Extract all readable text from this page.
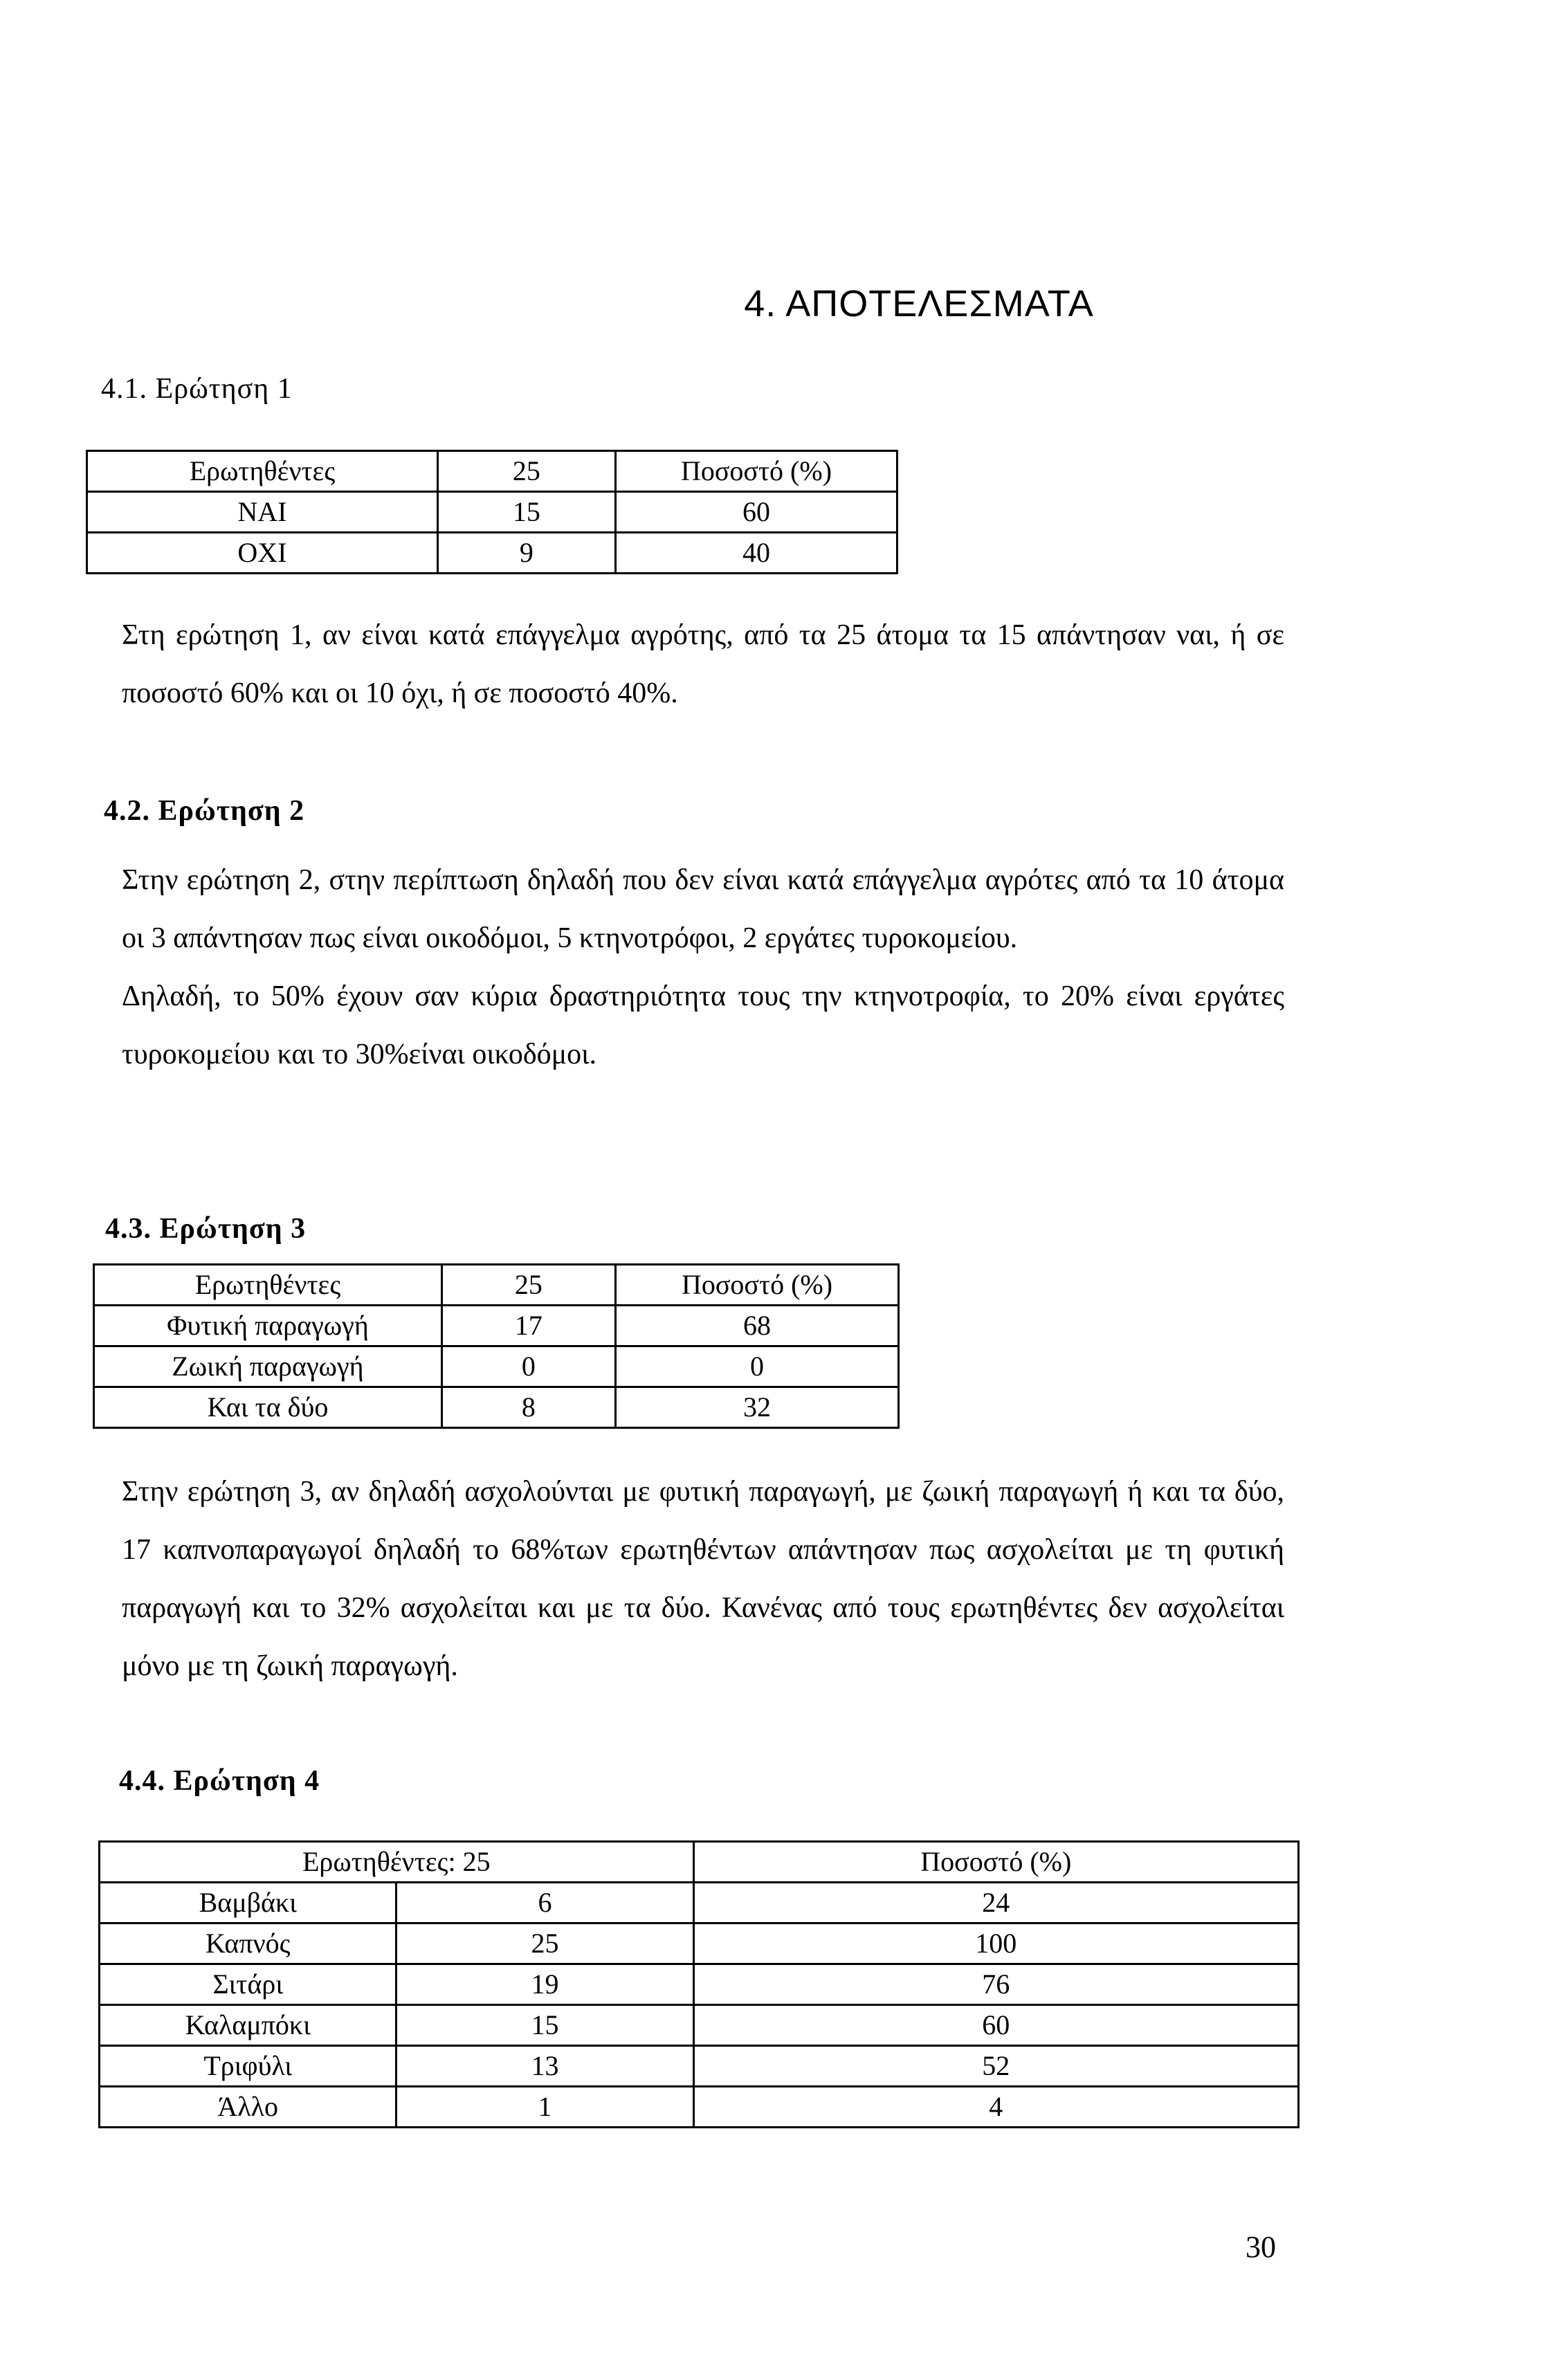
4. ΑΠΟΤΕΛΕΣΜΑΤΑ
4.1. Ερώτηση 1
Ερωτηθέντες	25	Ποσοστό (%)
ΝΑΙ	15	60
ΟΧΙ	9	40

Στη ερώτηση 1, αν είναι κατά επάγγελμα αγρότης, από τα 25 άτομα τα 15 απάντησαν ναι, ή σε ποσοστό 60% και οι 10 όχι, ή σε ποσοστό 40%.

4.2. Ερώτηση 2

Στην ερώτηση 2, στην περίπτωση δηλαδή που δεν είναι κατά επάγγελμα αγρότες από τα 10 άτομα οι 3 απάντησαν πως είναι οικοδόμοι, 5 κτηνοτρόφοι, 2 εργάτες τυροκομείου.

Δηλαδή, το 50% έχουν σαν κύρια δραστηριότητα τους την κτηνοτροφία, το 20% είναι εργάτες τυροκομείου και το 30%είναι οικοδόμοι.

4.3. Ερώτηση 3
Ερωτηθέντες	25	Ποσοστό (%)
Φυτική παραγωγή	17	68
Ζωική παραγωγή	0	0
Και τα δύο	8	32

Στην ερώτηση 3, αν δηλαδή ασχολούνται με φυτική παραγωγή, με ζωική παραγωγή ή και τα δύο, 17 καπνοπαραγωγοί δηλαδή το 68%των ερωτηθέντων απάντησαν πως ασχολείται με τη φυτική παραγωγή και το 32% ασχολείται και με τα δύο. Κανένας από τους ερωτηθέντες δεν ασχολείται μόνο με τη ζωική παραγωγή.

4.4. Ερώτηση 4
Ερωτηθέντες: 25		Ποσοστό (%)
Βαμβάκι	6	24
Καπνός	25	100
Σιτάρι	19	76
Καλαμπόκι	15	60
Τριφύλι	13	52
Άλλο	1	4
30
